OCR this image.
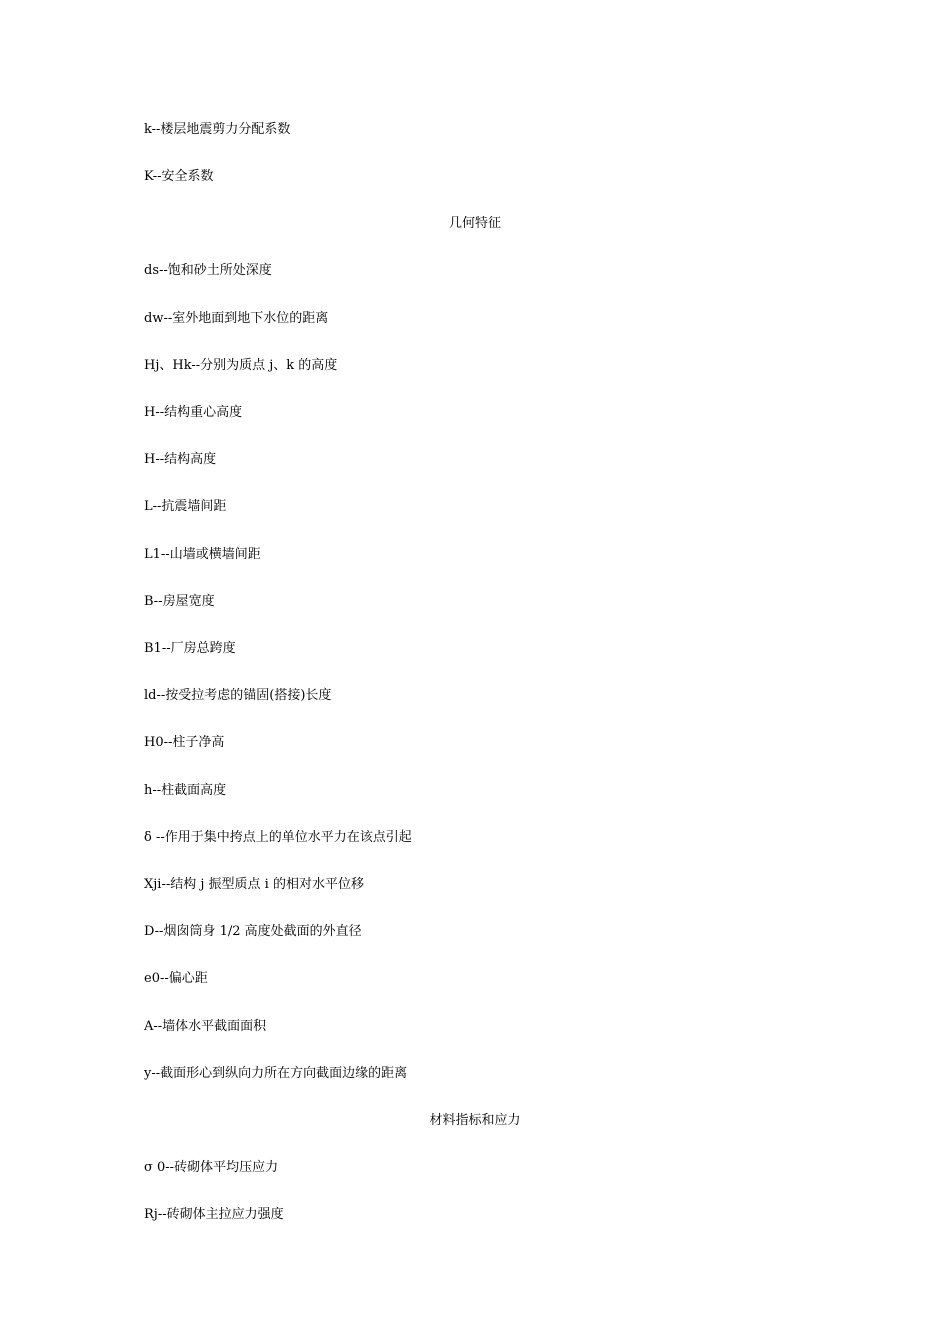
k--楼层地震剪力分配系数
K--安全系数
几何特征
ds--饱和砂土所处深度
dw--室外地面到地下水位的距离
Hj、Hk--分别为质点 j、k 的高度
H--结构重心高度
H--结构高度
L--抗震墙间距
L1--山墙或横墙间距
B--房屋宽度
B1--厂房总跨度
ld--按受拉考虑的锚固(搭接)长度
H0--柱子净高
h--柱截面高度
δ --作用于集中挎点上的单位水平力在该点引起
Xji--结构 j 振型质点 i 的相对水平位移
D--烟囱筒身 1/2 高度处截面的外直径
e0--偏心距
A--墙体水平截面面积
y--截面形心到纵向力所在方向截面边缘的距离
材料指标和应力
σ 0--砖砌体平均压应力
Rj--砖砌体主拉应力强度
